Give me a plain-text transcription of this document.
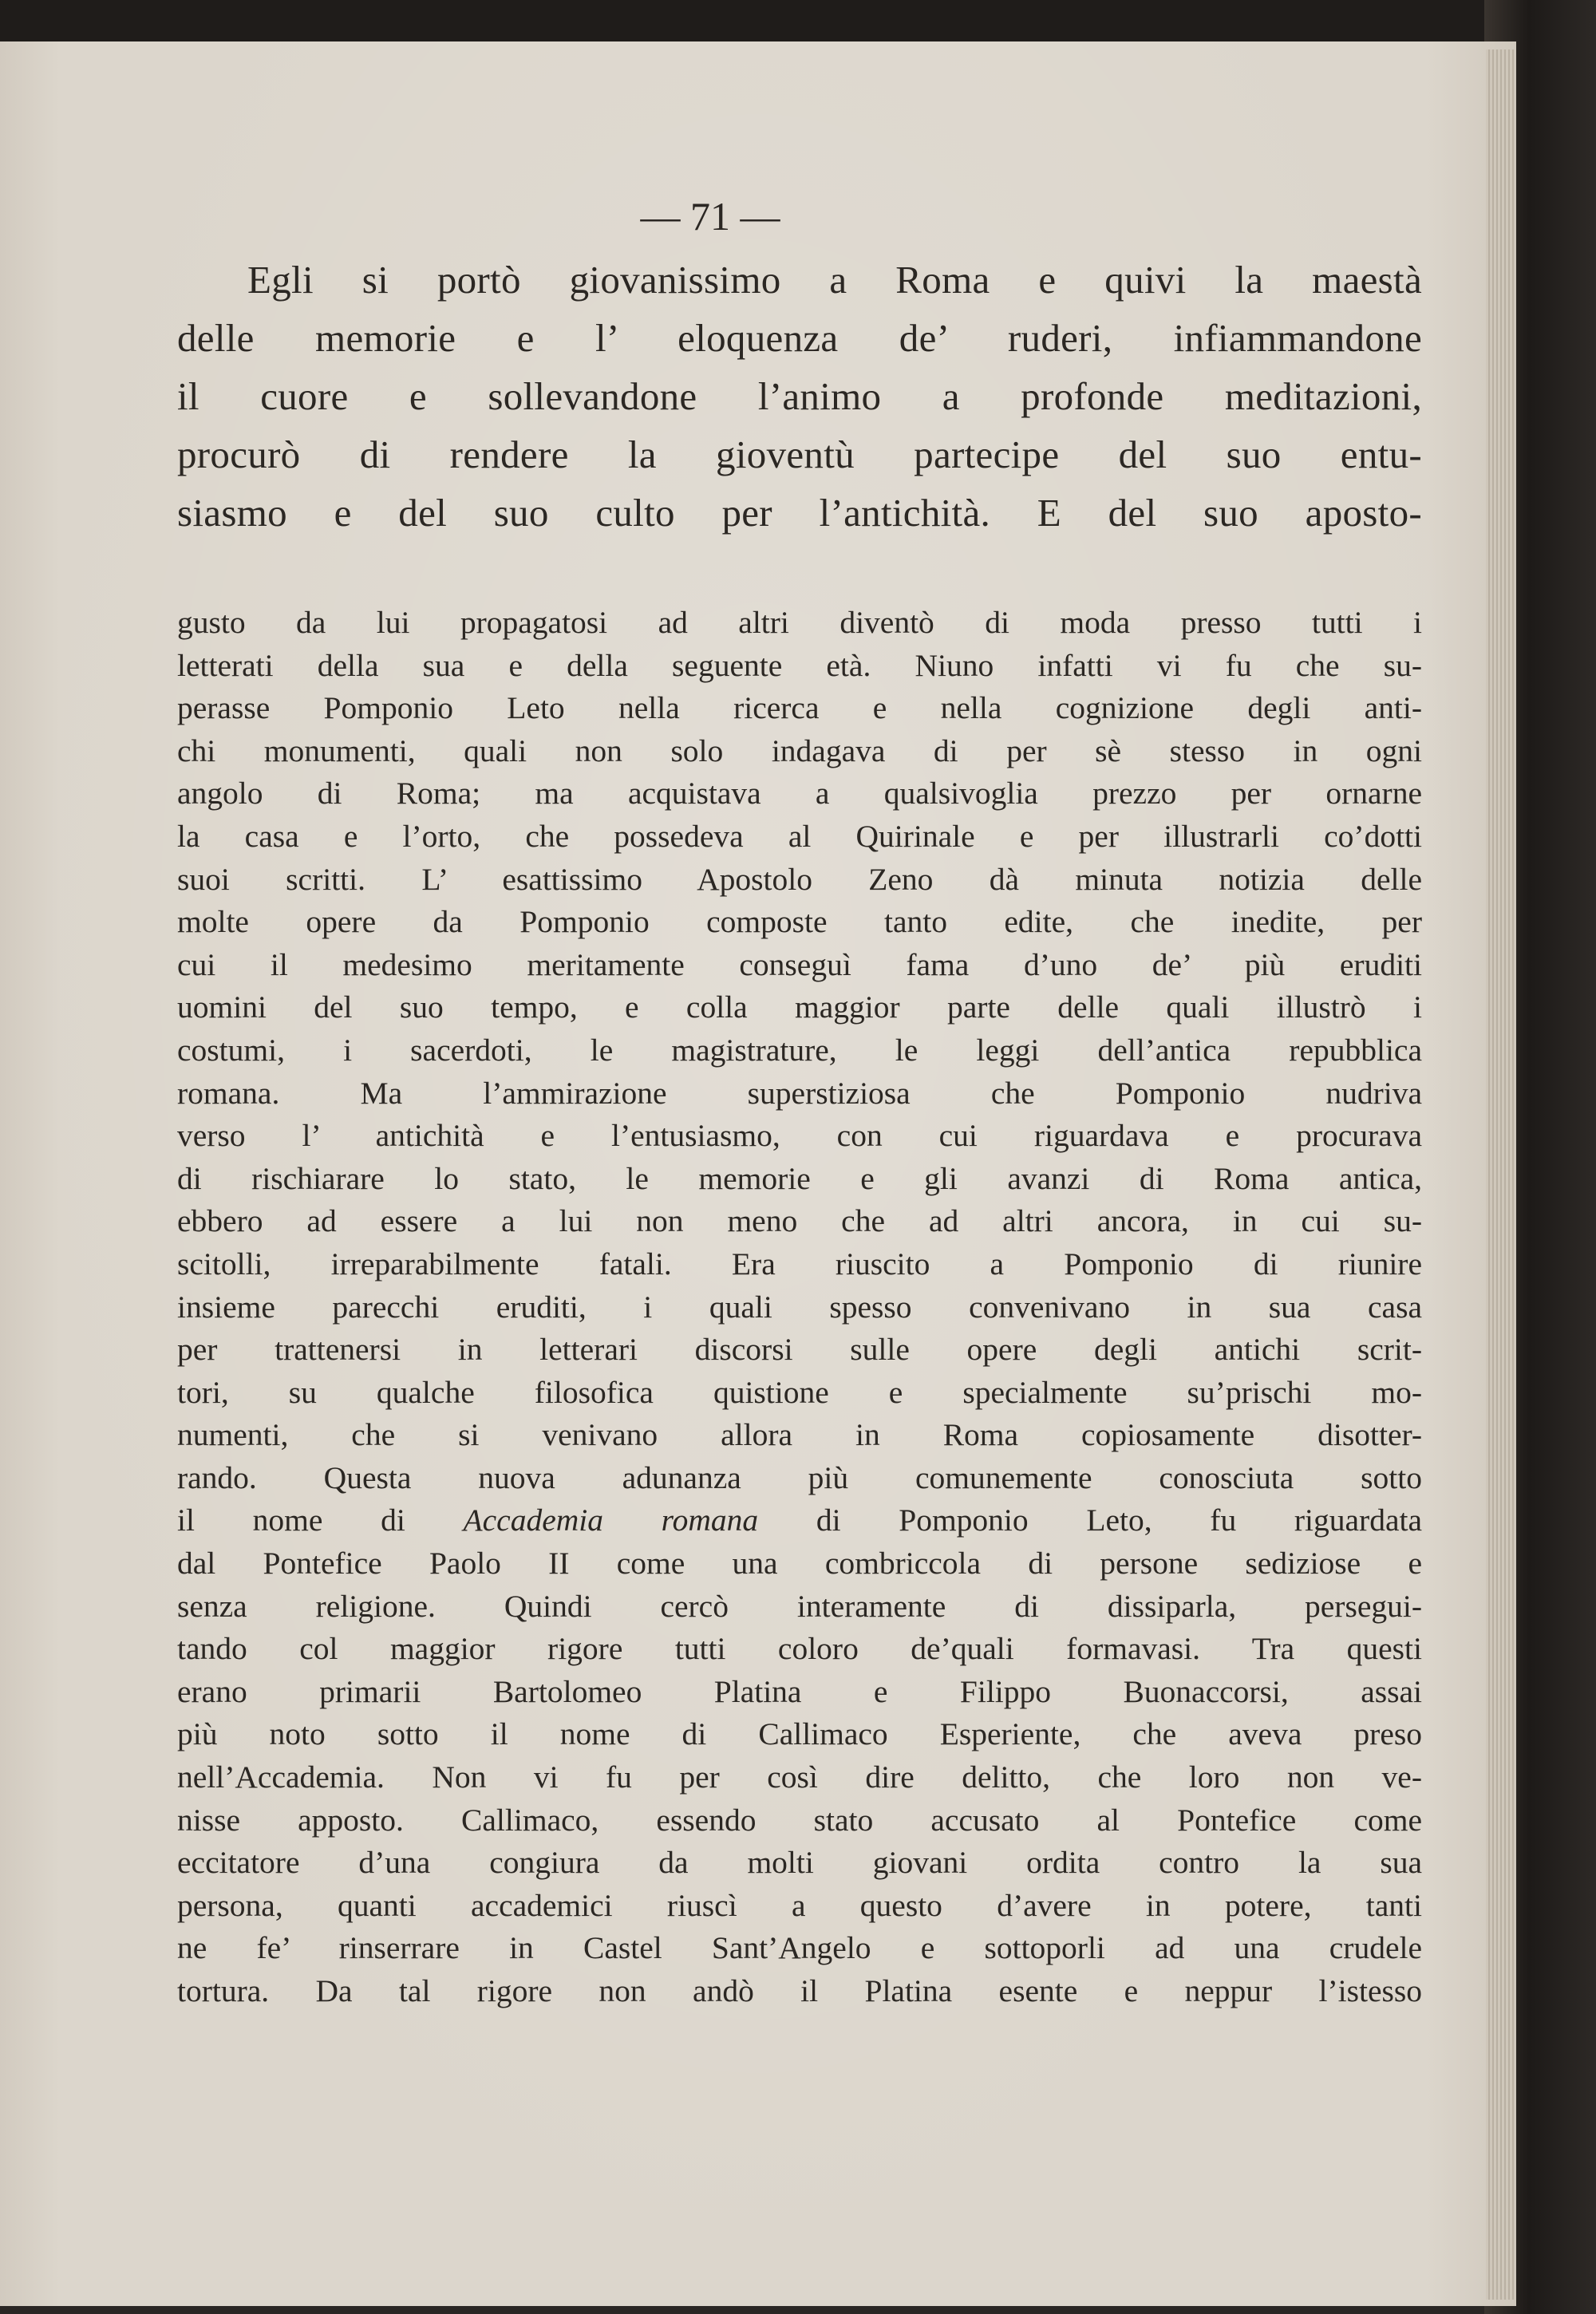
— 71 —
Egli si portò giovanissimo a Roma e quivi la maestà
delle memorie e l’ eloquenza de’ ruderi, infiammandone
il cuore e sollevandone l’animo a profonde meditazioni,
procurò di rendere la gioventù partecipe del suo entu-
siasmo e del suo culto per l’antichità. E del suo aposto-
gusto da lui propagatosi ad altri diventò di moda presso tutti i
letterati della sua e della seguente età. Niuno infatti vi fu che su-
perasse Pomponio Leto nella ricerca e nella cognizione degli anti-
chi monumenti, quali non solo indagava di per sè stesso in ogni
angolo di Roma; ma acquistava a qualsivoglia prezzo per ornarne
la casa e l’orto, che possedeva al Quirinale e per illustrarli co’dotti
suoi scritti. L’ esattissimo Apostolo Zeno dà minuta notizia delle
molte opere da Pomponio composte tanto edite, che inedite, per
cui il medesimo meritamente conseguì fama d’uno de’ più eruditi
uomini del suo tempo, e colla maggior parte delle quali illustrò i
costumi, i sacerdoti, le magistrature, le leggi dell’antica repubblica
romana. Ma l’ammirazione superstiziosa che Pomponio nudriva
verso l’ antichità e l’entusiasmo, con cui riguardava e procurava
di rischiarare lo stato, le memorie e gli avanzi di Roma antica,
ebbero ad essere a lui non meno che ad altri ancora, in cui su-
scitolli, irreparabilmente fatali. Era riuscito a Pomponio di riunire
insieme parecchi eruditi, i quali spesso convenivano in sua casa
per trattenersi in letterari discorsi sulle opere degli antichi scrit-
tori, su qualche filosofica quistione e specialmente su’prischi mo-
numenti, che si venivano allora in Roma copiosamente disotter-
rando. Questa nuova adunanza più comunemente conosciuta sotto
il nome di Accademia romana di Pomponio Leto, fu riguardata
dal Pontefice Paolo II come una combriccola di persone sediziose e
senza religione. Quindi cercò interamente di dissiparla, persegui-
tando col maggior rigore tutti coloro de’quali formavasi. Tra questi
erano primarii Bartolomeo Platina e Filippo Buonaccorsi, assai
più noto sotto il nome di Callimaco Esperiente, che aveva preso
nell’Accademia. Non vi fu per così dire delitto, che loro non ve-
nisse apposto. Callimaco, essendo stato accusato al Pontefice come
eccitatore d’una congiura da molti giovani ordita contro la sua
persona, quanti accademici riuscì a questo d’avere in potere, tanti
ne fe’ rinserrare in Castel Sant’Angelo e sottoporli ad una crudele
tortura. Da tal rigore non andò il Platina esente e neppur l’istesso
